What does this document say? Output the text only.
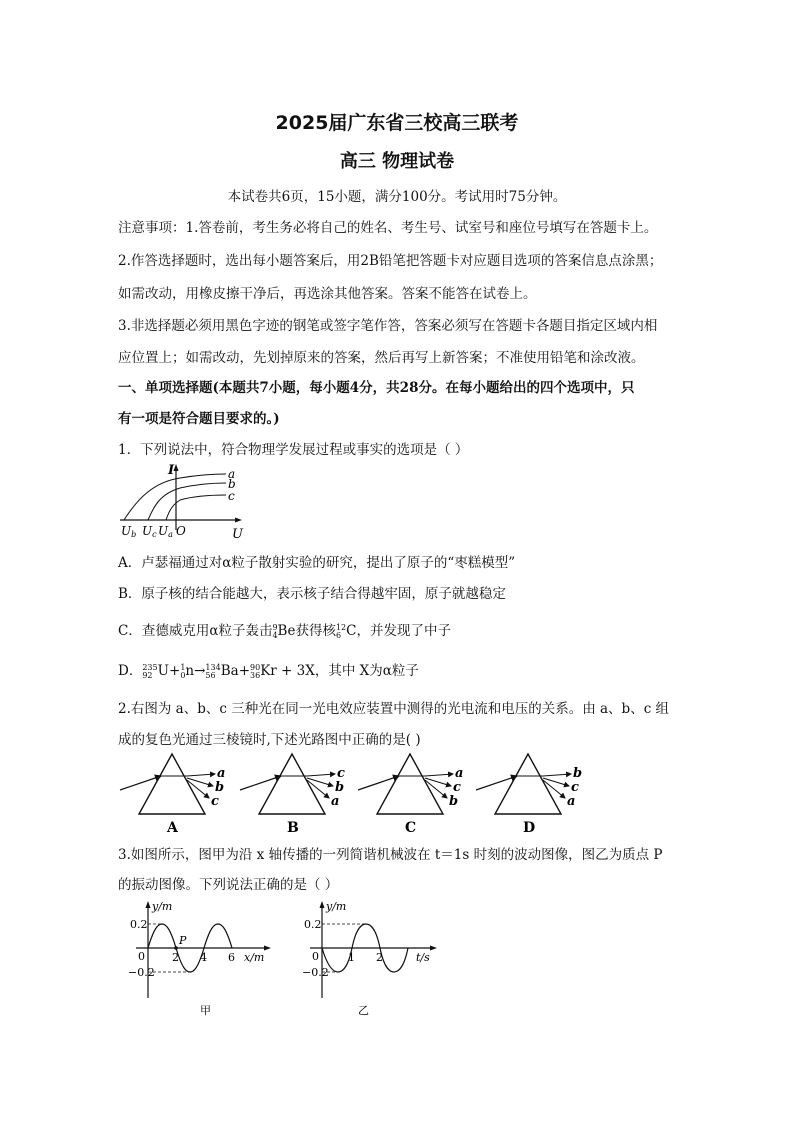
2025届广东省三校高三联考
高三 物理试卷
本试卷共6页，15小题，满分100分。考试用时75分钟。
注意事项：1.答卷前，考生务必将自己的姓名、考生号、试室号和座位号填写在答题卡上。
2.作答选择题时，选出每小题答案后，用2B铅笔把答题卡对应题目选项的答案信息点涂黑；
如需改动，用橡皮擦干净后，再选涂其他答案。答案不能答在试卷上。
3.非选择题必须用黑色字迹的钢笔或签字笔作答，答案必须写在答题卡各题目指定区域内相
应位置上；如需改动，先划掉原来的答案，然后再写上新答案；不准使用铅笔和涂改液。
一、单项选择题(本题共7小题，每小题4分，共28分。在每小题给出的四个选项中，只
有一项是符合题目要求的。)
1．下列说法中，符合物理学发展过程或事实的选项是（ ）
I
U
a
b
c
Ub Uc Ua O
A．卢瑟福通过对α粒子散射实验的研究，提出了原子的“枣糕模型”
B．原子核的结合能越大，表示核子结合得越牢固，原子就越稳定
C．查德威克用α粒子轰击 9
4 Be获得核 12
6 C，并发现了中子
D． 235
92 U+ 1
0 n→ 134
56 Ba+ 90
36 Kr + 3X，其中 X为α粒子
2.右图为 a、b、c 三种光在同一光电效应装置中测得的光电流和电压的关系。由 a、b、c 组
成的复色光通过三棱镜时,下述光路图中正确的是( )
a
b
c
A
c
b
a
B
a
c
b
C
b
c
a
D
3.如图所示，图甲为沿 x 轴传播的一列简谐机械波在 t＝1s 时刻的波动图像，图乙为质点 P
的振动图像。下列说法正确的是（ ）
y/m
x/m
0.2
−0.2
0 2 4 6
P
甲
y/m
t/s
0.2
−0.2
0	1 2
乙
